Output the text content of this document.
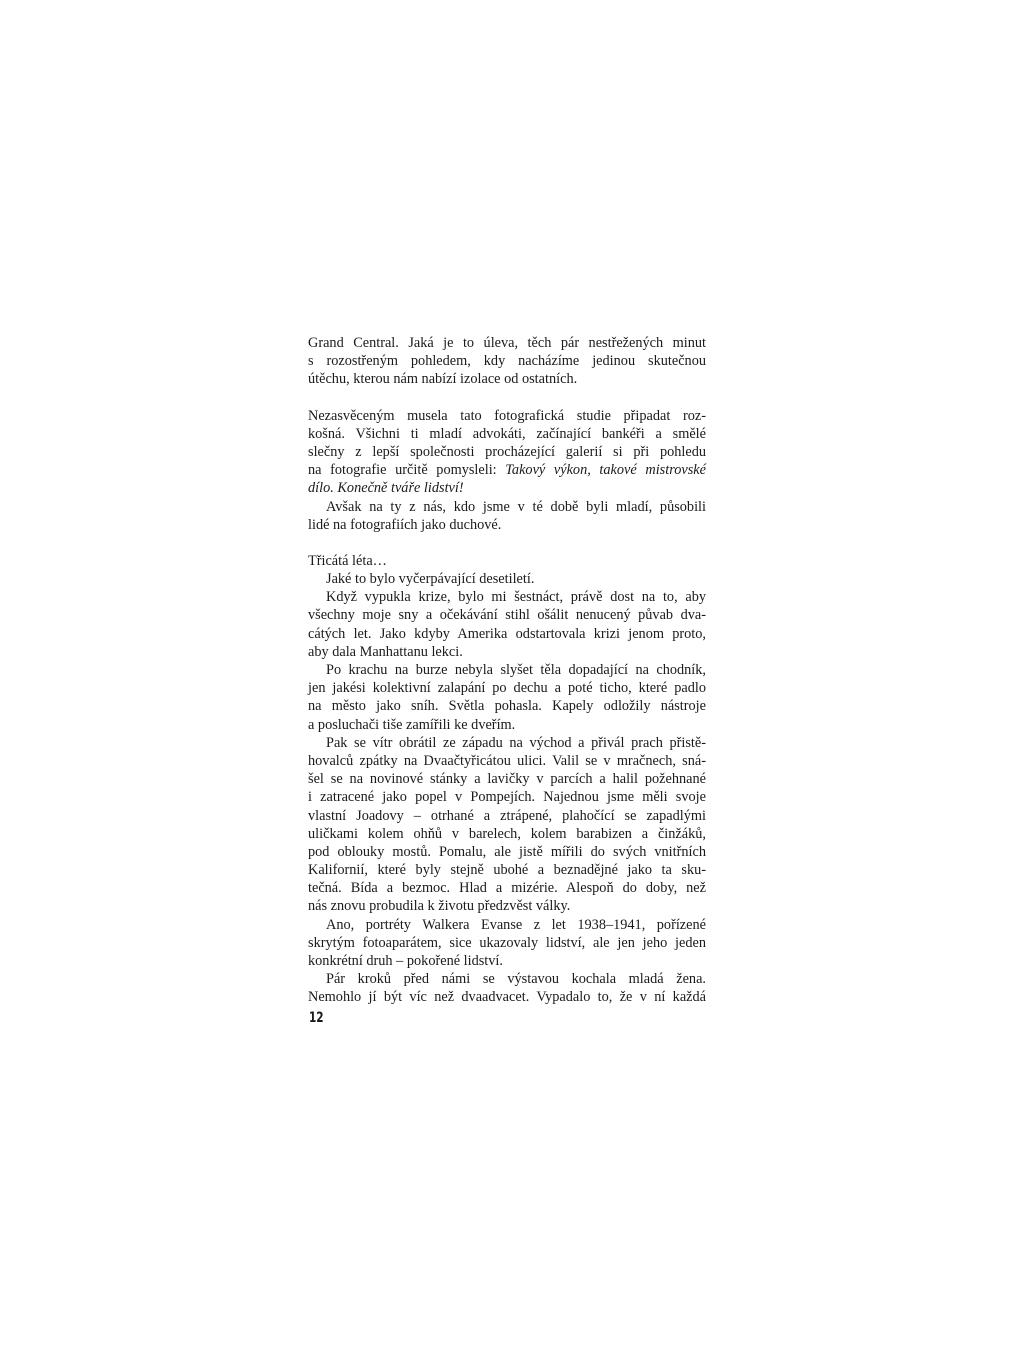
Grand Central. Jaká je to úleva, těch pár nestřežených minut
s rozostřeným pohledem, kdy nacházíme jedinou skutečnou
útěchu, kterou nám nabízí izolace od ostatních.
Nezasvěceným musela tato fotografická studie připadat roz-
košná. Všichni ti mladí advokáti, začínající bankéři a smělé
slečny z lepší společnosti procházející galerií si při pohledu
na fotografie určitě pomysleli: Takový výkon, takové mistrovské
dílo. Konečně tváře lidství!
Avšak na ty z nás, kdo jsme v té době byli mladí, působili
lidé na fotografiích jako duchové.
Třicátá léta…
Jaké to bylo vyčerpávající desetiletí.
Když vypukla krize, bylo mi šestnáct, právě dost na to, aby
všechny moje sny a očekávání stihl ošálit nenucený půvab dva-
cátých let. Jako kdyby Amerika odstartovala krizi jenom proto,
aby dala Manhattanu lekci.
Po krachu na burze nebyla slyšet těla dopadající na chodník,
jen jakési kolektivní zalapání po dechu a poté ticho, které padlo
na město jako sníh. Světla pohasla. Kapely odložily nástroje
a posluchači tiše zamířili ke dveřím.
Pak se vítr obrátil ze západu na východ a přivál prach přistě-
hovalců zpátky na Dvaačtyřicátou ulici. Valil se v mračnech, sná-
šel se na novinové stánky a lavičky v parcích a halil požehnané
i zatracené jako popel v Pompejích. Najednou jsme měli svoje
vlastní Joadovy – otrhané a ztrápené, plahočící se zapadlými
uličkami kolem ohňů v barelech, kolem barabizen a činžáků,
pod oblouky mostů. Pomalu, ale jistě mířili do svých vnitřních
Kalifornií, které byly stejně ubohé a beznadějné jako ta sku-
tečná. Bída a bezmoc. Hlad a mizérie. Alespoň do doby, než
nás znovu probudila k životu předzvěst války.
Ano, portréty Walkera Evanse z let 1938–1941, pořízené
skrytým fotoaparátem, sice ukazovaly lidství, ale jen jeho jeden
konkrétní druh – pokořené lidství.
Pár kroků před námi se výstavou kochala mladá žena.
Nemohlo jí být víc než dvaadvacet. Vypadalo to, že v ní každá
12
